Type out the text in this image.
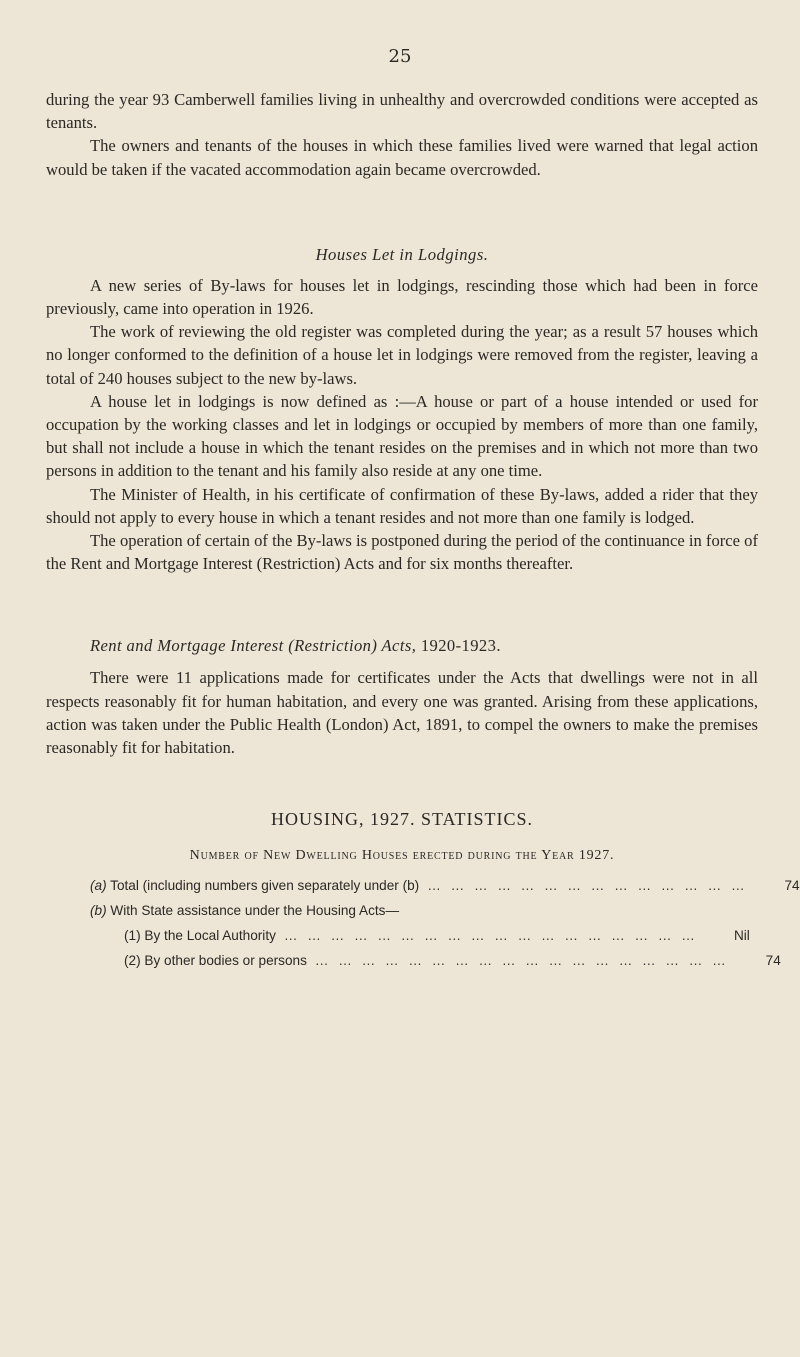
25

during the year 93 Camberwell families living in unhealthy and overcrowded conditions were accepted as tenants.

The owners and tenants of the houses in which these families lived were warned that legal action would be taken if the vacated accommodation again became overcrowded.

Houses Let in Lodgings.

A new series of By-laws for houses let in lodgings, rescinding those which had been in force previously, came into operation in 1926.

The work of reviewing the old register was completed during the year; as a result 57 houses which no longer conformed to the definition of a house let in lodgings were removed from the register, leaving a total of 240 houses subject to the new by-laws.

A house let in lodgings is now defined as :—A house or part of a house intended or used for occupation by the working classes and let in lodgings or occupied by members of more than one family, but shall not include a house in which the tenant resides on the premises and in which not more than two persons in addition to the tenant and his family also reside at any one time.

The Minister of Health, in his certificate of confirmation of these By-laws, added a rider that they should not apply to every house in which a tenant resides and not more than one family is lodged.

The operation of certain of the By-laws is postponed during the period of the continuance in force of the Rent and Mortgage Interest (Restriction) Acts and for six months thereafter.

Rent and Mortgage Interest (Restriction) Acts, 1920-1923.

There were 11 applications made for certificates under the Acts that dwellings were not in all respects reasonably fit for human habitation, and every one was granted. Arising from these applications, action was taken under the Public Health (London) Act, 1891, to compel the owners to make the premises reasonably fit for habitation.

HOUSING, 1927. STATISTICS.
Number of New Dwelling Houses erected during the Year 1927.
(a) Total (including numbers given separately under (b) … … … … … … … … … … … … … …	74
(b) With State assistance under the Housing Acts—
(1) By the Local Authority … … … … … … … … … … … … … … … … … …	Nil
(2) By other bodies or persons … … … … … … … … … … … … … … … … … …	74
